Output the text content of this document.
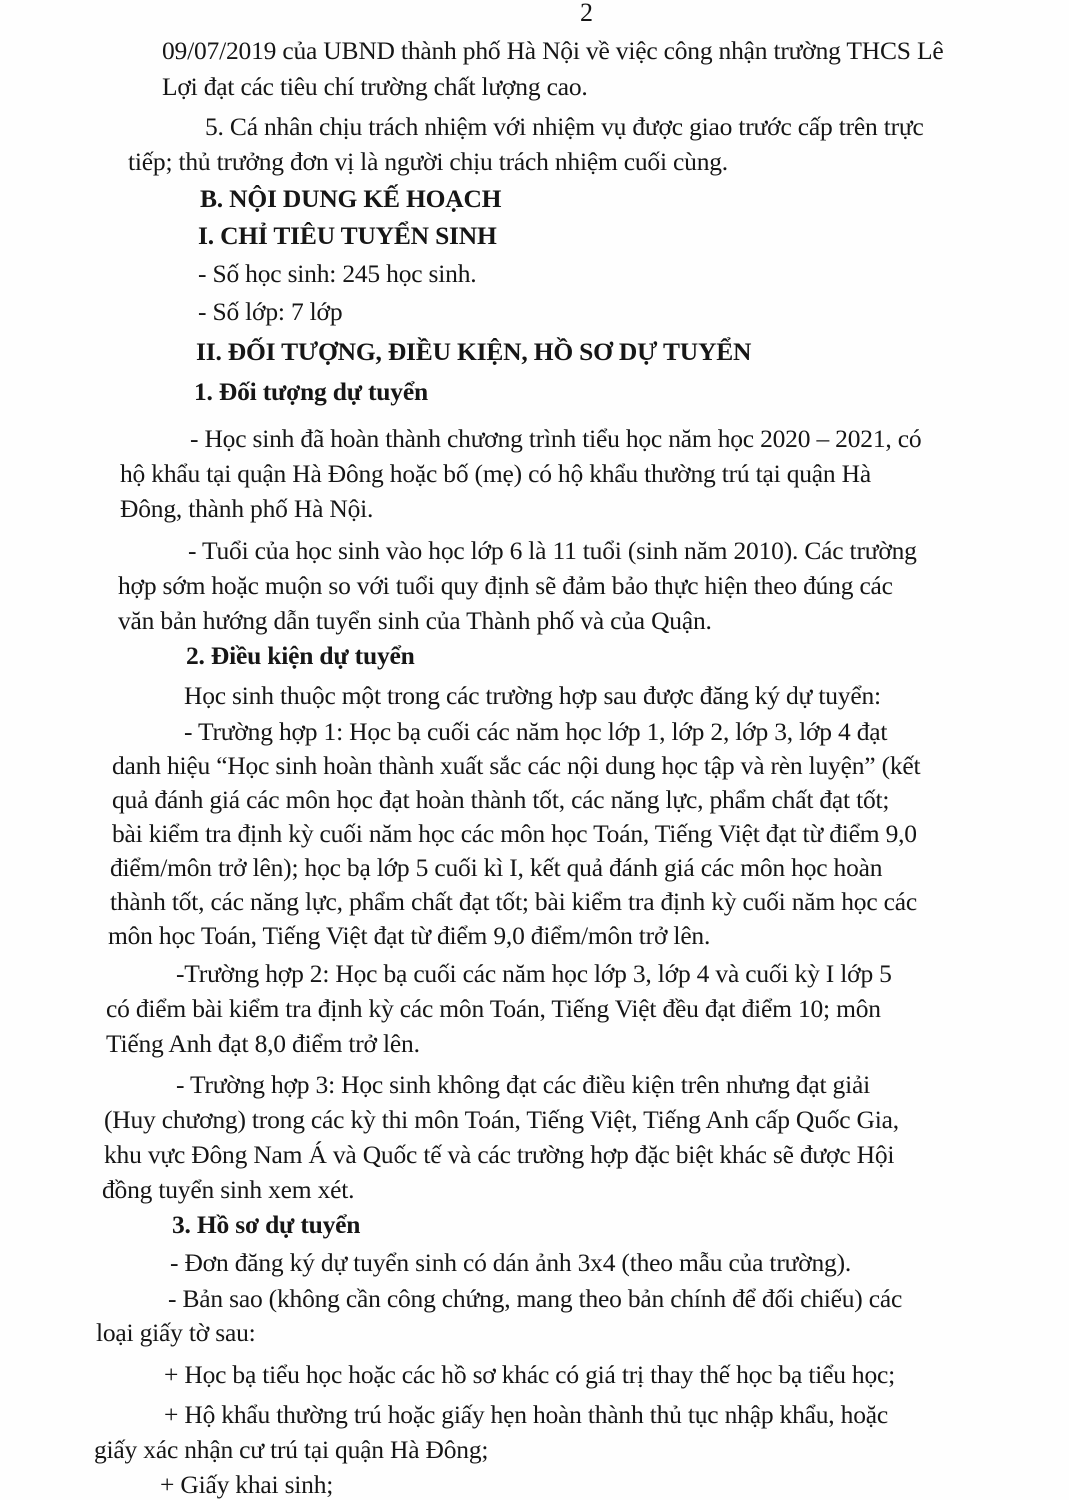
2
09/07/2019 của UBND thành phố Hà Nội về việc công nhận trường THCS Lê
Lợi đạt các tiêu chí trường chất lượng cao.
5. Cá nhân chịu trách nhiệm với nhiệm vụ được giao trước cấp trên trực
tiếp; thủ trưởng đơn vị là người chịu trách nhiệm cuối cùng.
B. NỘI DUNG KẾ HOẠCH
I. CHỈ TIÊU TUYỂN SINH
- Số học sinh: 245 học sinh.
- Số lớp: 7 lớp
II. ĐỐI TƯỢNG, ĐIỀU KIỆN, HỒ SƠ DỰ TUYỂN
1. Đối tượng dự tuyển
- Học sinh đã hoàn thành chương trình tiểu học năm học 2020 – 2021, có
hộ khẩu tại quận Hà Đông hoặc bố (mẹ) có hộ khẩu thường trú tại quận Hà
Đông, thành phố Hà Nội.
- Tuổi của học sinh vào học lớp 6 là 11 tuổi (sinh năm 2010). Các trường
hợp sớm hoặc muộn so với tuổi quy định sẽ đảm bảo thực hiện theo đúng các
văn bản hướng dẫn tuyển sinh của Thành phố và của Quận.
2. Điều kiện dự tuyển
Học sinh thuộc một trong các trường hợp sau được đăng ký dự tuyển:
- Trường hợp 1: Học bạ cuối các năm học lớp 1, lớp 2, lớp 3, lớp 4 đạt
danh hiệu “Học sinh hoàn thành xuất sắc các nội dung học tập và rèn luyện” (kết
quả đánh giá các môn học đạt hoàn thành tốt, các năng lực, phẩm chất đạt tốt;
bài kiểm tra định kỳ cuối năm học các môn học Toán, Tiếng Việt đạt từ điểm 9,0
điểm/môn trở lên); học bạ lớp 5 cuối kì I, kết quả đánh giá các môn học hoàn
thành tốt, các năng lực, phẩm chất đạt tốt; bài kiểm tra định kỳ cuối năm học các
môn học Toán, Tiếng Việt đạt từ điểm 9,0 điểm/môn trở lên.
-Trường hợp 2: Học bạ cuối các năm học lớp 3, lớp 4 và cuối kỳ I lớp 5
có điểm bài kiểm tra định kỳ các môn Toán, Tiếng Việt đều đạt điểm 10; môn
Tiếng Anh đạt 8,0 điểm trở lên.
- Trường hợp 3: Học sinh không đạt các điều kiện trên nhưng đạt giải
(Huy chương) trong các kỳ thi môn Toán, Tiếng Việt, Tiếng Anh cấp Quốc Gia,
khu vực Đông Nam Á và Quốc tế và các trường hợp đặc biệt khác sẽ được Hội
đồng tuyển sinh xem xét.
3. Hồ sơ dự tuyển
- Đơn đăng ký dự tuyển sinh có dán ảnh 3x4 (theo mẫu của trường).
- Bản sao (không cần công chứng, mang theo bản chính để đối chiếu) các
loại giấy tờ sau:
+ Học bạ tiểu học hoặc các hồ sơ khác có giá trị thay thế học bạ tiểu học;
+ Hộ khẩu thường trú hoặc giấy hẹn hoàn thành thủ tục nhập khẩu, hoặc
giấy xác nhận cư trú tại quận Hà Đông;
+ Giấy khai sinh;
